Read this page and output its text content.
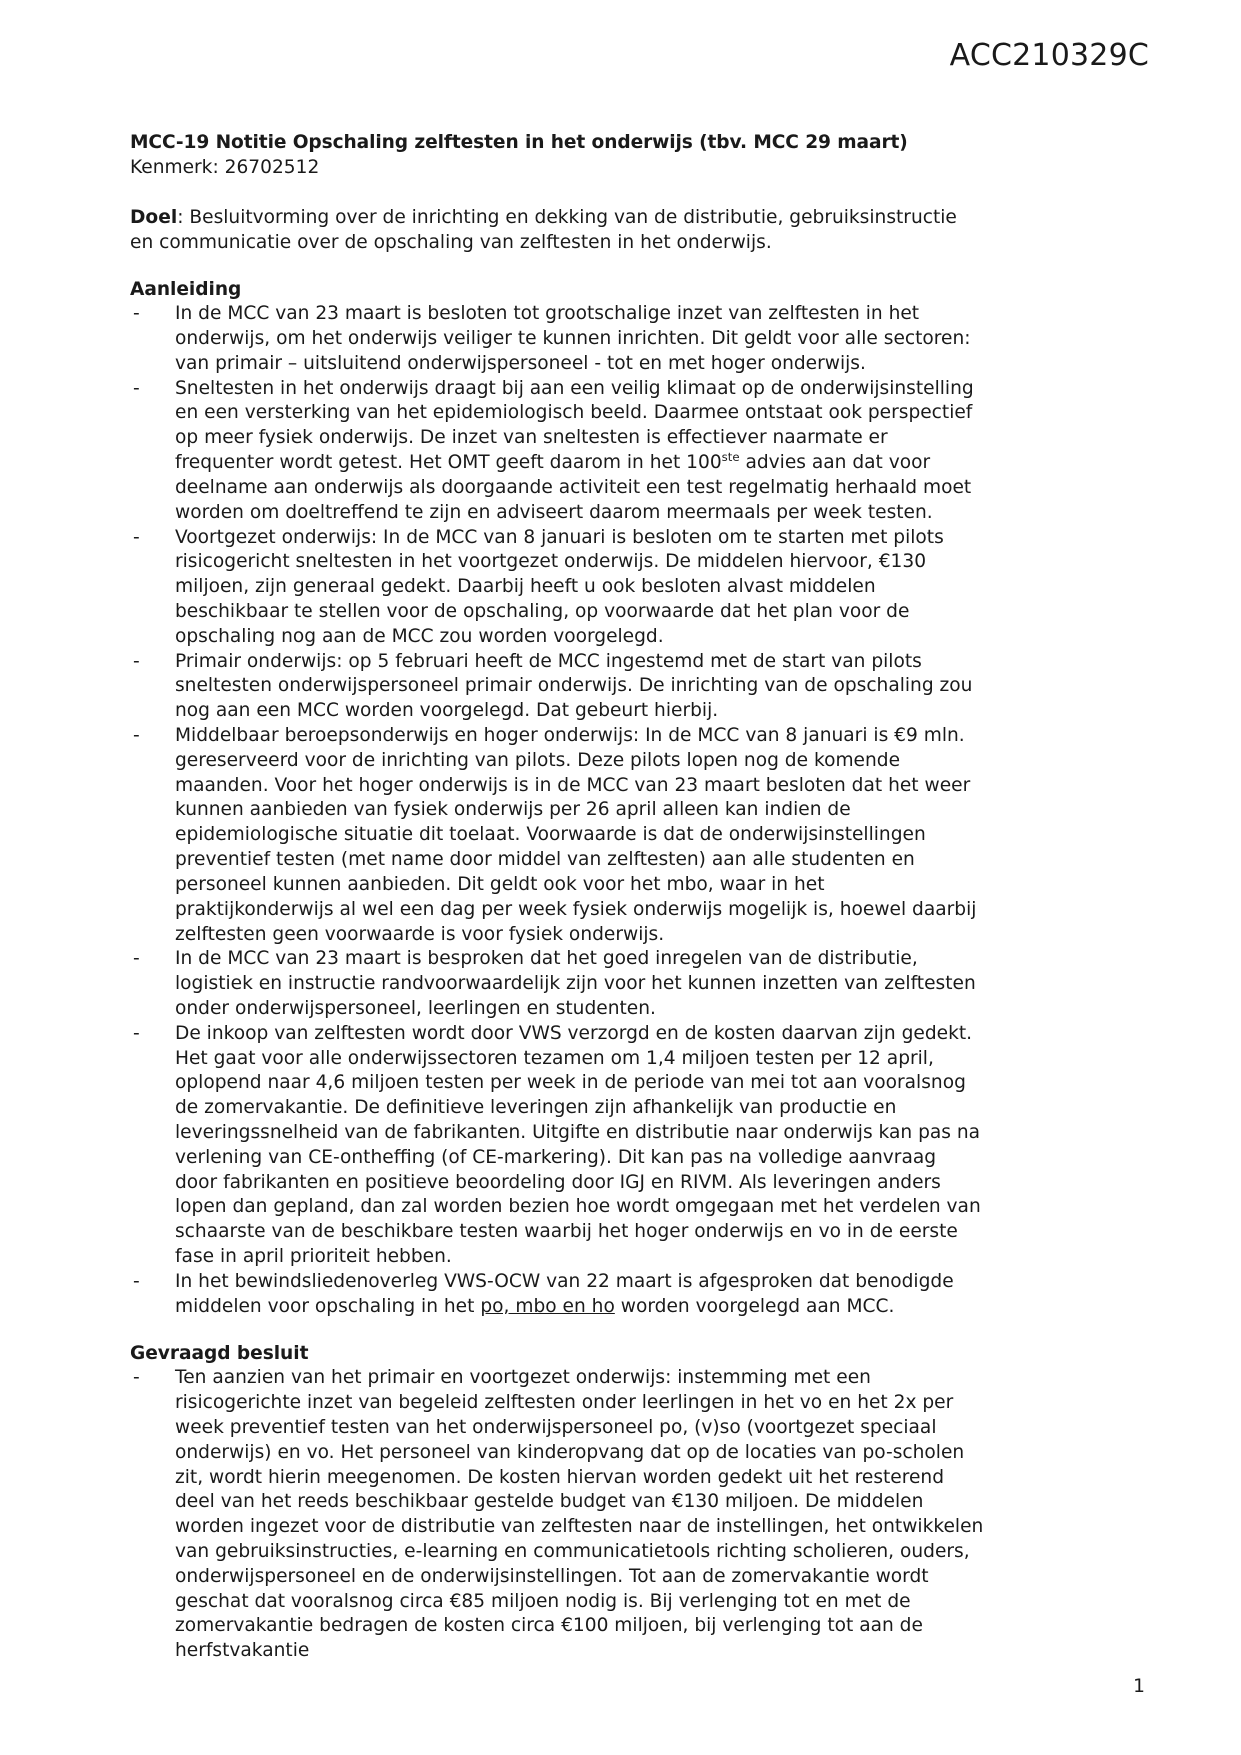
ACC210329C
MCC-19 Notitie Opschaling zelftesten in het onderwijs (tbv. MCC 29 maart)
Kenmerk: 26702512

Doel: Besluitvorming over de inrichting en dekking van de distributie, gebruiksinstructie en communicatie over de opschaling van zelftesten in het onderwijs.

Aanleiding
-	In de MCC van 23 maart is besloten tot grootschalige inzet van zelftesten in het onderwijs, om het onderwijs veiliger te kunnen inrichten. Dit geldt voor alle sectoren: van primair – uitsluitend onderwijspersoneel - tot en met hoger onderwijs.
-	Sneltesten in het onderwijs draagt bij aan een veilig klimaat op de onderwijsinstelling en een versterking van het epidemiologisch beeld. Daarmee ontstaat ook perspectief op meer fysiek onderwijs. De inzet van sneltesten is effectiever naarmate er frequenter wordt getest. Het OMT geeft daarom in het 100ste advies aan dat voor deelname aan onderwijs als doorgaande activiteit een test regelmatig herhaald moet worden om doeltreffend te zijn en adviseert daarom meermaals per week testen.
-	Voortgezet onderwijs: In de MCC van 8 januari is besloten om te starten met pilots risicogericht sneltesten in het voortgezet onderwijs. De middelen hiervoor, €130 miljoen, zijn generaal gedekt. Daarbij heeft u ook besloten alvast middelen beschikbaar te stellen voor de opschaling, op voorwaarde dat het plan voor de opschaling nog aan de MCC zou worden voorgelegd.
-	Primair onderwijs: op 5 februari heeft de MCC ingestemd met de start van pilots sneltesten onderwijspersoneel primair onderwijs. De inrichting van de opschaling zou nog aan een MCC worden voorgelegd. Dat gebeurt hierbij.
-	Middelbaar beroepsonderwijs en hoger onderwijs: In de MCC van 8 januari is €9 mln. gereserveerd voor de inrichting van pilots. Deze pilots lopen nog de komende maanden. Voor het hoger onderwijs is in de MCC van 23 maart besloten dat het weer kunnen aanbieden van fysiek onderwijs per 26 april alleen kan indien de epidemiologische situatie dit toelaat. Voorwaarde is dat de onderwijsinstellingen preventief testen (met name door middel van zelftesten) aan alle studenten en personeel kunnen aanbieden. Dit geldt ook voor het mbo, waar in het praktijkonderwijs al wel een dag per week fysiek onderwijs mogelijk is, hoewel daarbij zelftesten geen voorwaarde is voor fysiek onderwijs.
-	In de MCC van 23 maart is besproken dat het goed inregelen van de distributie, logistiek en instructie randvoorwaardelijk zijn voor het kunnen inzetten van zelftesten onder onderwijspersoneel, leerlingen en studenten.
-	De inkoop van zelftesten wordt door VWS verzorgd en de kosten daarvan zijn gedekt. Het gaat voor alle onderwijssectoren tezamen om 1,4 miljoen testen per 12 april, oplopend naar 4,6 miljoen testen per week in de periode van mei tot aan vooralsnog de zomervakantie. De definitieve leveringen zijn afhankelijk van productie en leveringssnelheid van de fabrikanten. Uitgifte en distributie naar onderwijs kan pas na verlening van CE-ontheffing (of CE-markering). Dit kan pas na volledige aanvraag door fabrikanten en positieve beoordeling door IGJ en RIVM. Als leveringen anders lopen dan gepland, dan zal worden bezien hoe wordt omgegaan met het verdelen van schaarste van de beschikbare testen waarbij het hoger onderwijs en vo in de eerste fase in april prioriteit hebben.
-	In het bewindsliedenoverleg VWS-OCW van 22 maart is afgesproken dat benodigde middelen voor opschaling in het po, mbo en ho worden voorgelegd aan MCC.
Gevraagd besluit
-	Ten aanzien van het primair en voortgezet onderwijs: instemming met een risicogerichte inzet van begeleid zelftesten onder leerlingen in het vo en het 2x per week preventief testen van het onderwijspersoneel po, (v)so (voortgezet speciaal onderwijs) en vo. Het personeel van kinderopvang dat op de locaties van po-scholen zit, wordt hierin meegenomen. De kosten hiervan worden gedekt uit het resterend deel van het reeds beschikbaar gestelde budget van €130 miljoen. De middelen worden ingezet voor de distributie van zelftesten naar de instellingen, het ontwikkelen van gebruiksinstructies, e-learning en communicatietools richting scholieren, ouders, onderwijspersoneel en de onderwijsinstellingen. Tot aan de zomervakantie wordt geschat dat vooralsnog circa €85 miljoen nodig is. Bij verlenging tot en met de zomervakantie bedragen de kosten circa €100 miljoen, bij verlenging tot aan de herfstvakantie
1
